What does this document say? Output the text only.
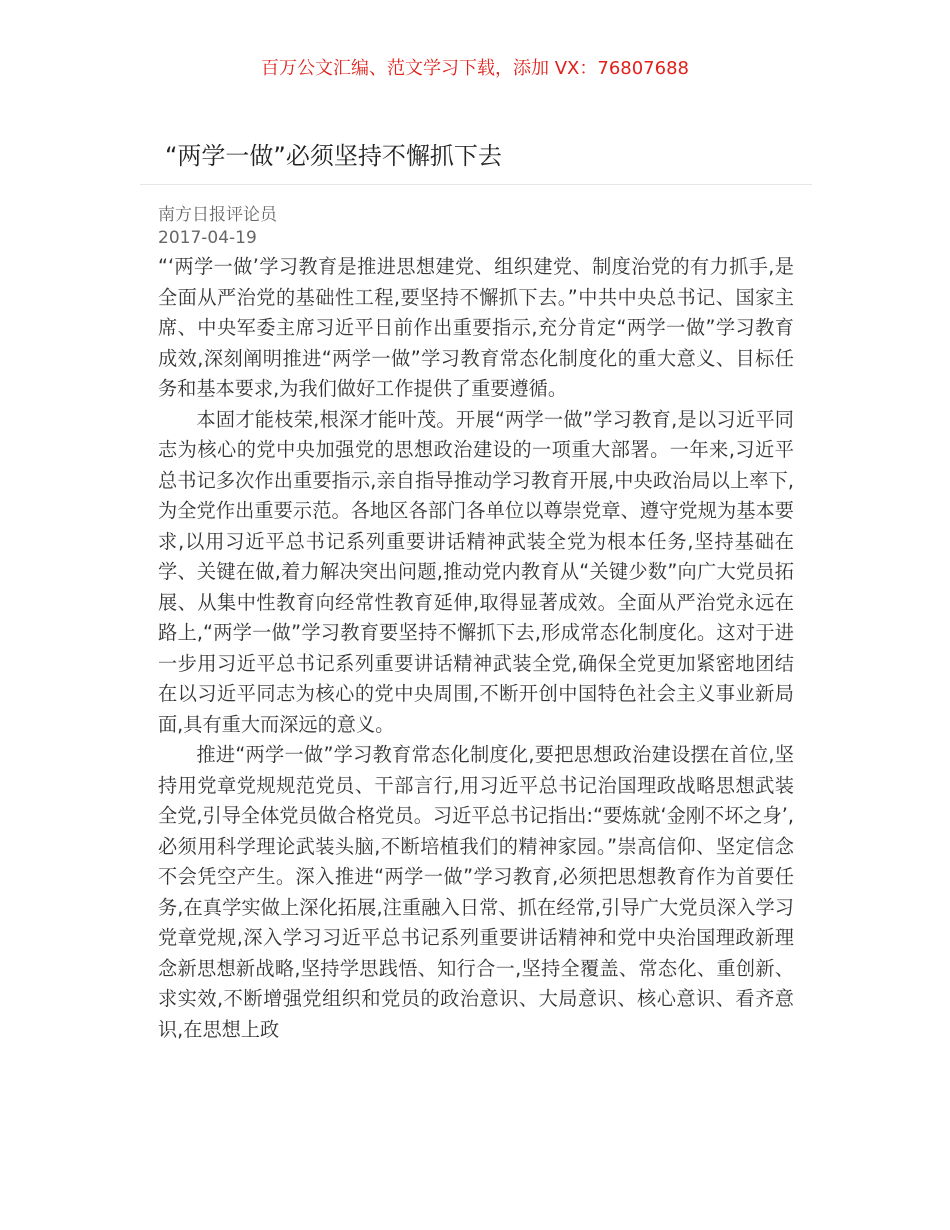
百万公文汇编、范文学习下载，添加 VX：76807688
“两学一做”必须坚持不懈抓下去
南方日报评论员
2017-04-19

“‘两学一做’学习教育是推进思想建党、组织建党、制度治党的有力抓手,是全面从严治党的基础性工程,要坚持不懈抓下去。”中共中央总书记、国家主席、中央军委主席习近平日前作出重要指示,充分肯定“两学一做”学习教育成效,深刻阐明推进“两学一做”学习教育常态化制度化的重大意义、目标任务和基本要求,为我们做好工作提供了重要遵循。

本固才能枝荣,根深才能叶茂。开展“两学一做”学习教育,是以习近平同志为核心的党中央加强党的思想政治建设的一项重大部署。一年来,习近平总书记多次作出重要指示,亲自指导推动学习教育开展,中央政治局以上率下,为全党作出重要示范。各地区各部门各单位以尊崇党章、遵守党规为基本要求,以用习近平总书记系列重要讲话精神武装全党为根本任务,坚持基础在学、关键在做,着力解决突出问题,推动党内教育从“关键少数”向广大党员拓展、从集中性教育向经常性教育延伸,取得显著成效。全面从严治党永远在路上,“两学一做”学习教育要坚持不懈抓下去,形成常态化制度化。这对于进一步用习近平总书记系列重要讲话精神武装全党,确保全党更加紧密地团结在以习近平同志为核心的党中央周围,不断开创中国特色社会主义事业新局面,具有重大而深远的意义。

推进“两学一做”学习教育常态化制度化,要把思想政治建设摆在首位,坚持用党章党规规范党员、干部言行,用习近平总书记治国理政战略思想武装全党,引导全体党员做合格党员。习近平总书记指出:“要炼就‘金刚不坏之身’,必须用科学理论武装头脑,不断培植我们的精神家园。”崇高信仰、坚定信念不会凭空产生。深入推进“两学一做”学习教育,必须把思想教育作为首要任务,在真学实做上深化拓展,注重融入日常、抓在经常,引导广大党员深入学习党章党规,深入学习习近平总书记系列重要讲话精神和党中央治国理政新理念新思想新战略,坚持学思践悟、知行合一,坚持全覆盖、常态化、重创新、求实效,不断增强党组织和党员的政治意识、大局意识、核心意识、看齐意识,在思想上政
